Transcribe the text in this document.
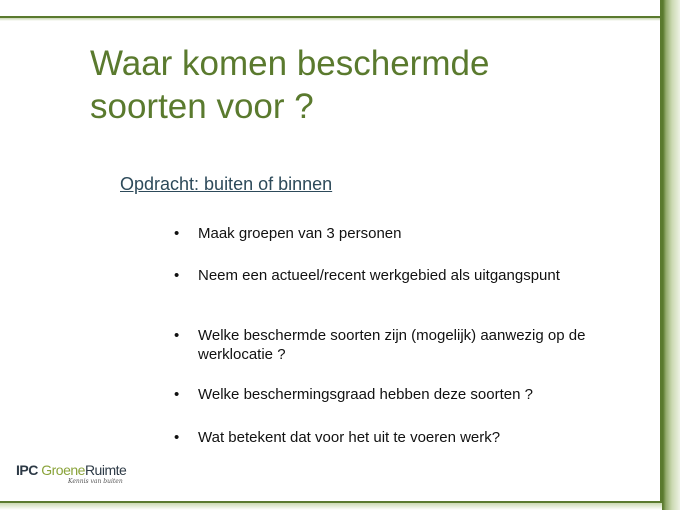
Waar komen beschermde
soorten voor ?
Opdracht: buiten of binnen
• Maak groepen van 3 personen
• Neem een actueel/recent werkgebied als uitgangspunt
• Welke beschermde soorten zijn (mogelijk) aanwezig op de werklocatie ?
• Welke beschermingsgraad hebben deze soorten ?
• Wat betekent dat voor het uit te voeren werk?
IPC GroeneRuimte
Kennis van buiten
